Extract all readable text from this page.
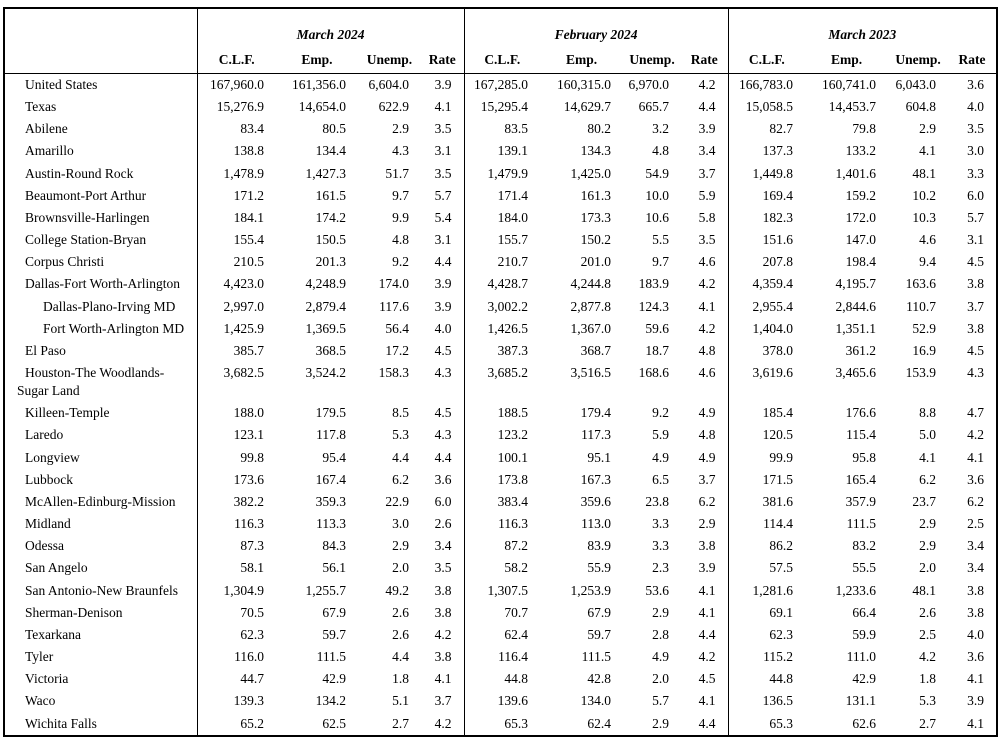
	March 2024				February 2024				March 2023			
	C.L.F.	Emp.	Unemp.	Rate	C.L.F.	Emp.	Unemp.	Rate	C.L.F.	Emp.	Unemp.	Rate
United States	167,960.0	161,356.0	6,604.0	3.9	167,285.0	160,315.0	6,970.0	4.2	166,783.0	160,741.0	6,043.0	3.6
Texas	15,276.9	14,654.0	622.9	4.1	15,295.4	14,629.7	665.7	4.4	15,058.5	14,453.7	604.8	4.0
Abilene	83.4	80.5	2.9	3.5	83.5	80.2	3.2	3.9	82.7	79.8	2.9	3.5
Amarillo	138.8	134.4	4.3	3.1	139.1	134.3	4.8	3.4	137.3	133.2	4.1	3.0
Austin-Round Rock	1,478.9	1,427.3	51.7	3.5	1,479.9	1,425.0	54.9	3.7	1,449.8	1,401.6	48.1	3.3
Beaumont-Port Arthur	171.2	161.5	9.7	5.7	171.4	161.3	10.0	5.9	169.4	159.2	10.2	6.0
Brownsville-Harlingen	184.1	174.2	9.9	5.4	184.0	173.3	10.6	5.8	182.3	172.0	10.3	5.7
College Station-Bryan	155.4	150.5	4.8	3.1	155.7	150.2	5.5	3.5	151.6	147.0	4.6	3.1
Corpus Christi	210.5	201.3	9.2	4.4	210.7	201.0	9.7	4.6	207.8	198.4	9.4	4.5
Dallas-Fort Worth-Arlington	4,423.0	4,248.9	174.0	3.9	4,428.7	4,244.8	183.9	4.2	4,359.4	4,195.7	163.6	3.8
Dallas-Plano-Irving MD	2,997.0	2,879.4	117.6	3.9	3,002.2	2,877.8	124.3	4.1	2,955.4	2,844.6	110.7	3.7
Fort Worth-Arlington MD	1,425.9	1,369.5	56.4	4.0	1,426.5	1,367.0	59.6	4.2	1,404.0	1,351.1	52.9	3.8
El Paso	385.7	368.5	17.2	4.5	387.3	368.7	18.7	4.8	378.0	361.2	16.9	4.5
Houston-The Woodlands-Sugar Land	3,682.5	3,524.2	158.3	4.3	3,685.2	3,516.5	168.6	4.6	3,619.6	3,465.6	153.9	4.3
Killeen-Temple	188.0	179.5	8.5	4.5	188.5	179.4	9.2	4.9	185.4	176.6	8.8	4.7
Laredo	123.1	117.8	5.3	4.3	123.2	117.3	5.9	4.8	120.5	115.4	5.0	4.2
Longview	99.8	95.4	4.4	4.4	100.1	95.1	4.9	4.9	99.9	95.8	4.1	4.1
Lubbock	173.6	167.4	6.2	3.6	173.8	167.3	6.5	3.7	171.5	165.4	6.2	3.6
McAllen-Edinburg-Mission	382.2	359.3	22.9	6.0	383.4	359.6	23.8	6.2	381.6	357.9	23.7	6.2
Midland	116.3	113.3	3.0	2.6	116.3	113.0	3.3	2.9	114.4	111.5	2.9	2.5
Odessa	87.3	84.3	2.9	3.4	87.2	83.9	3.3	3.8	86.2	83.2	2.9	3.4
San Angelo	58.1	56.1	2.0	3.5	58.2	55.9	2.3	3.9	57.5	55.5	2.0	3.4
San Antonio-New Braunfels	1,304.9	1,255.7	49.2	3.8	1,307.5	1,253.9	53.6	4.1	1,281.6	1,233.6	48.1	3.8
Sherman-Denison	70.5	67.9	2.6	3.8	70.7	67.9	2.9	4.1	69.1	66.4	2.6	3.8
Texarkana	62.3	59.7	2.6	4.2	62.4	59.7	2.8	4.4	62.3	59.9	2.5	4.0
Tyler	116.0	111.5	4.4	3.8	116.4	111.5	4.9	4.2	115.2	111.0	4.2	3.6
Victoria	44.7	42.9	1.8	4.1	44.8	42.8	2.0	4.5	44.8	42.9	1.8	4.1
Waco	139.3	134.2	5.1	3.7	139.6	134.0	5.7	4.1	136.5	131.1	5.3	3.9
Wichita Falls	65.2	62.5	2.7	4.2	65.3	62.4	2.9	4.4	65.3	62.6	2.7	4.1
